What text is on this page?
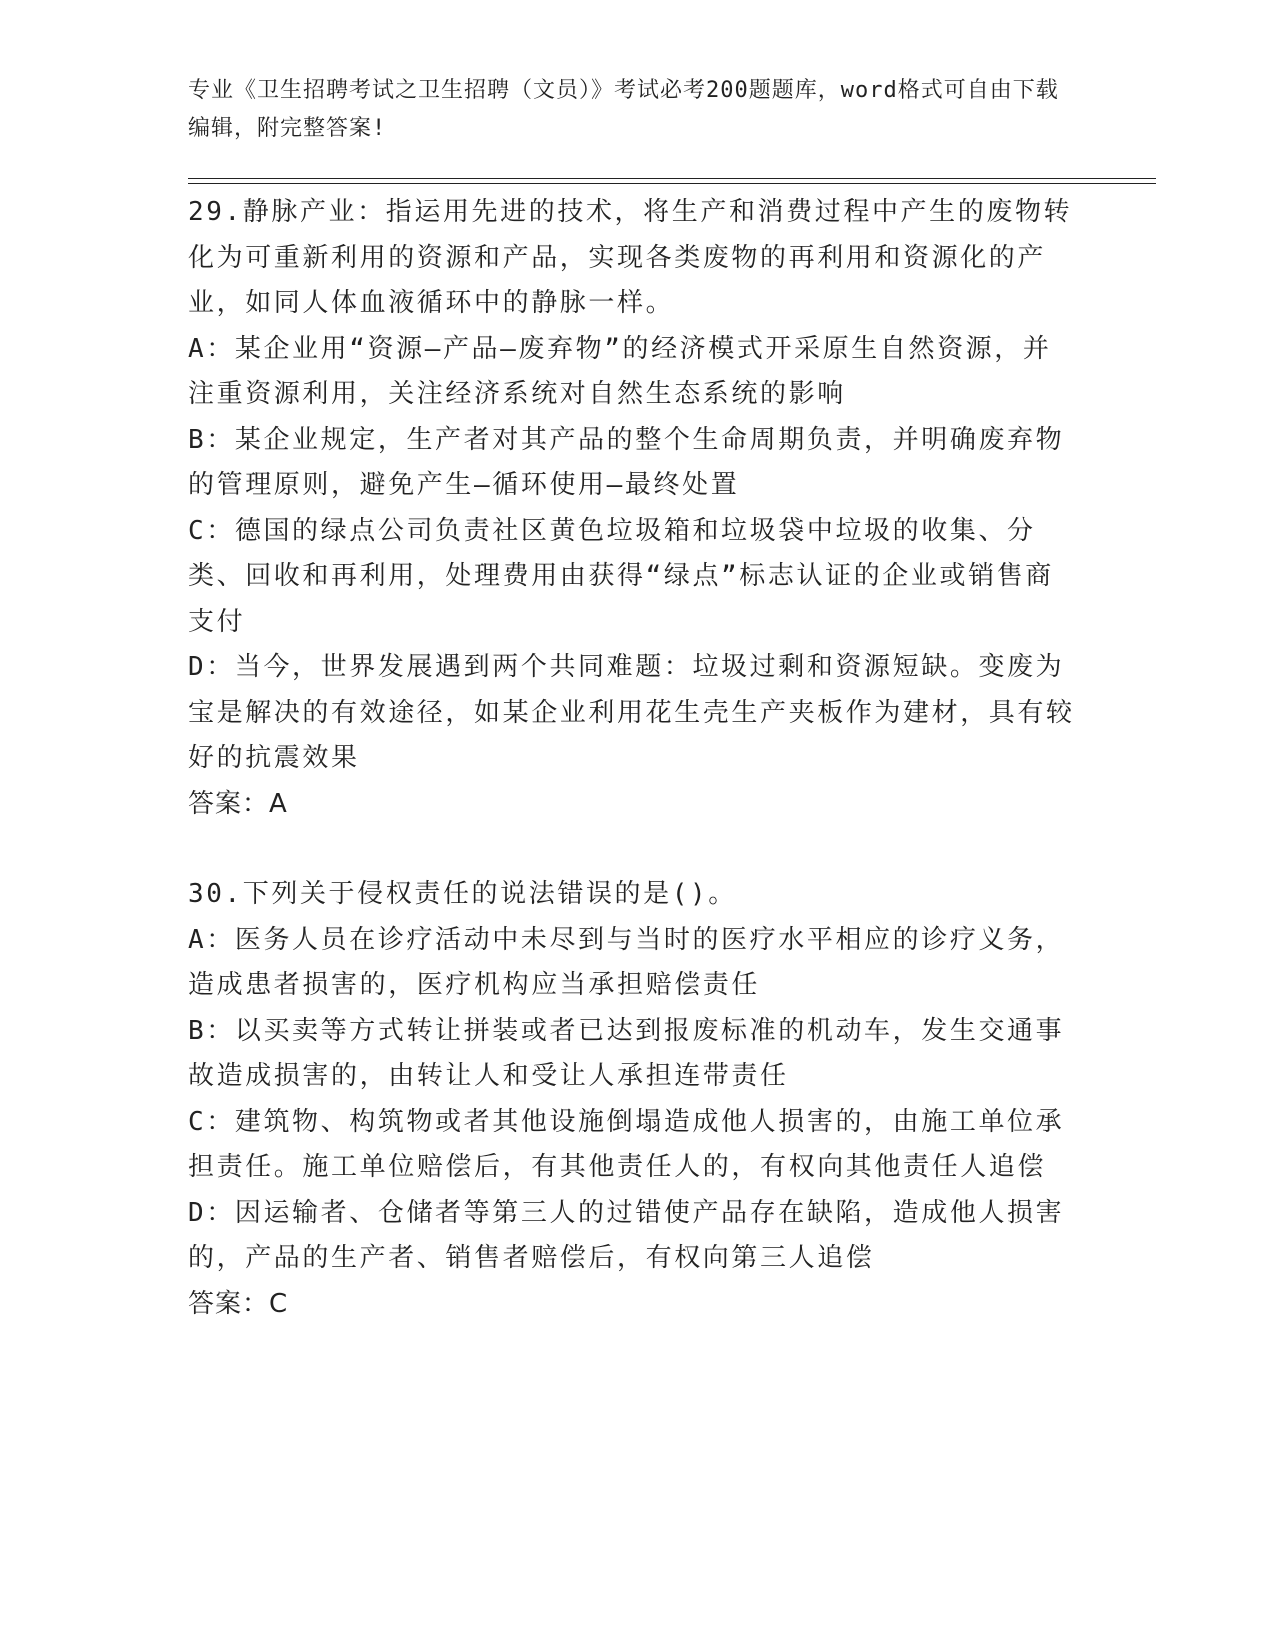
专业《卫生招聘考试之卫生招聘（文员）》考试必考200题题库，word格式可自由下载编辑，附完整答案!

29.静脉产业：指运用先进的技术，将生产和消费过程中产生的废物转化为可重新利用的资源和产品，实现各类废物的再利用和资源化的产业，如同人体血液循环中的静脉一样。

A：某企业用“资源—产品—废弃物”的经济模式开采原生自然资源，并注重资源利用，关注经济系统对自然生态系统的影响

B：某企业规定，生产者对其产品的整个生命周期负责，并明确废弃物的管理原则，避免产生—循环使用—最终处置

C：德国的绿点公司负责社区黄色垃圾箱和垃圾袋中垃圾的收集、分类、回收和再利用，处理费用由获得“绿点”标志认证的企业或销售商支付

D：当今，世界发展遇到两个共同难题：垃圾过剩和资源短缺。变废为宝是解决的有效途径，如某企业利用花生壳生产夹板作为建材，具有较好的抗震效果

答案：A

30.下列关于侵权责任的说法错误的是()。

A：医务人员在诊疗活动中未尽到与当时的医疗水平相应的诊疗义务，造成患者损害的，医疗机构应当承担赔偿责任

B：以买卖等方式转让拼装或者已达到报废标准的机动车，发生交通事故造成损害的，由转让人和受让人承担连带责任

C：建筑物、构筑物或者其他设施倒塌造成他人损害的，由施工单位承担责任。施工单位赔偿后，有其他责任人的，有权向其他责任人追偿

D：因运输者、仓储者等第三人的过错使产品存在缺陷，造成他人损害的，产品的生产者、销售者赔偿后，有权向第三人追偿

答案：C
